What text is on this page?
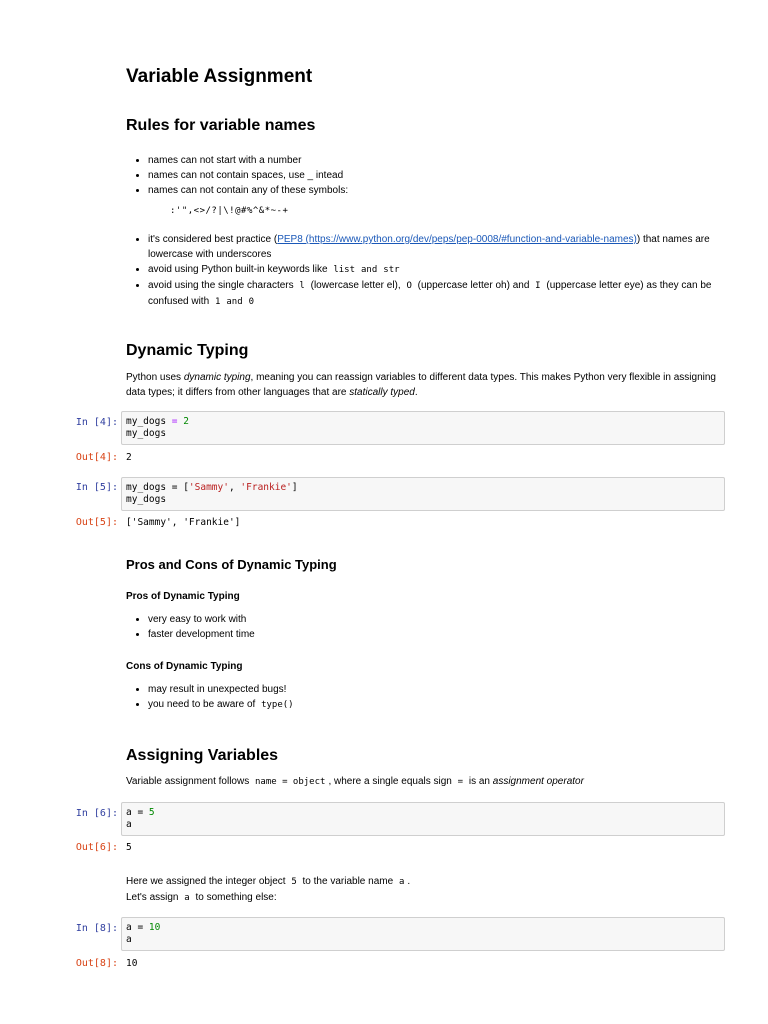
Variable Assignment
Rules for variable names
• names can not start with a number
• names can not contain spaces, use _ intead
• names can not contain any of these symbols:
:'",<>/?|\!@#%^&*~-+
• it's considered best practice (PEP8 (https://www.python.org/dev/peps/pep-0008/#function-and-variable-names)) that names are lowercase with underscores
• avoid using Python built-in keywords like list and str
• avoid using the single characters l (lowercase letter el), O (uppercase letter oh) and I (uppercase letter eye) as they can be confused with 1 and 0
Dynamic Typing

Python uses dynamic typing, meaning you can reassign variables to different data types. This makes Python very flexible in assigning data types; it differs from other languages that are statically typed.

In [4]: my_dogs = 2
my_dogs
Out[4]: 2
In [5]: my_dogs = ['Sammy', 'Frankie']
my_dogs
Out[5]: ['Sammy', 'Frankie']
Pros and Cons of Dynamic Typing
Pros of Dynamic Typing
• very easy to work with
• faster development time
Cons of Dynamic Typing
• may result in unexpected bugs!
• you need to be aware of type()
Assigning Variables

Variable assignment follows name = object , where a single equals sign = is an assignment operator

In [6]: a = 5
a
Out[6]: 5

Here we assigned the integer object 5 to the variable name a .
Let's assign a to something else:

In [8]: a = 10
a
Out[8]: 10
